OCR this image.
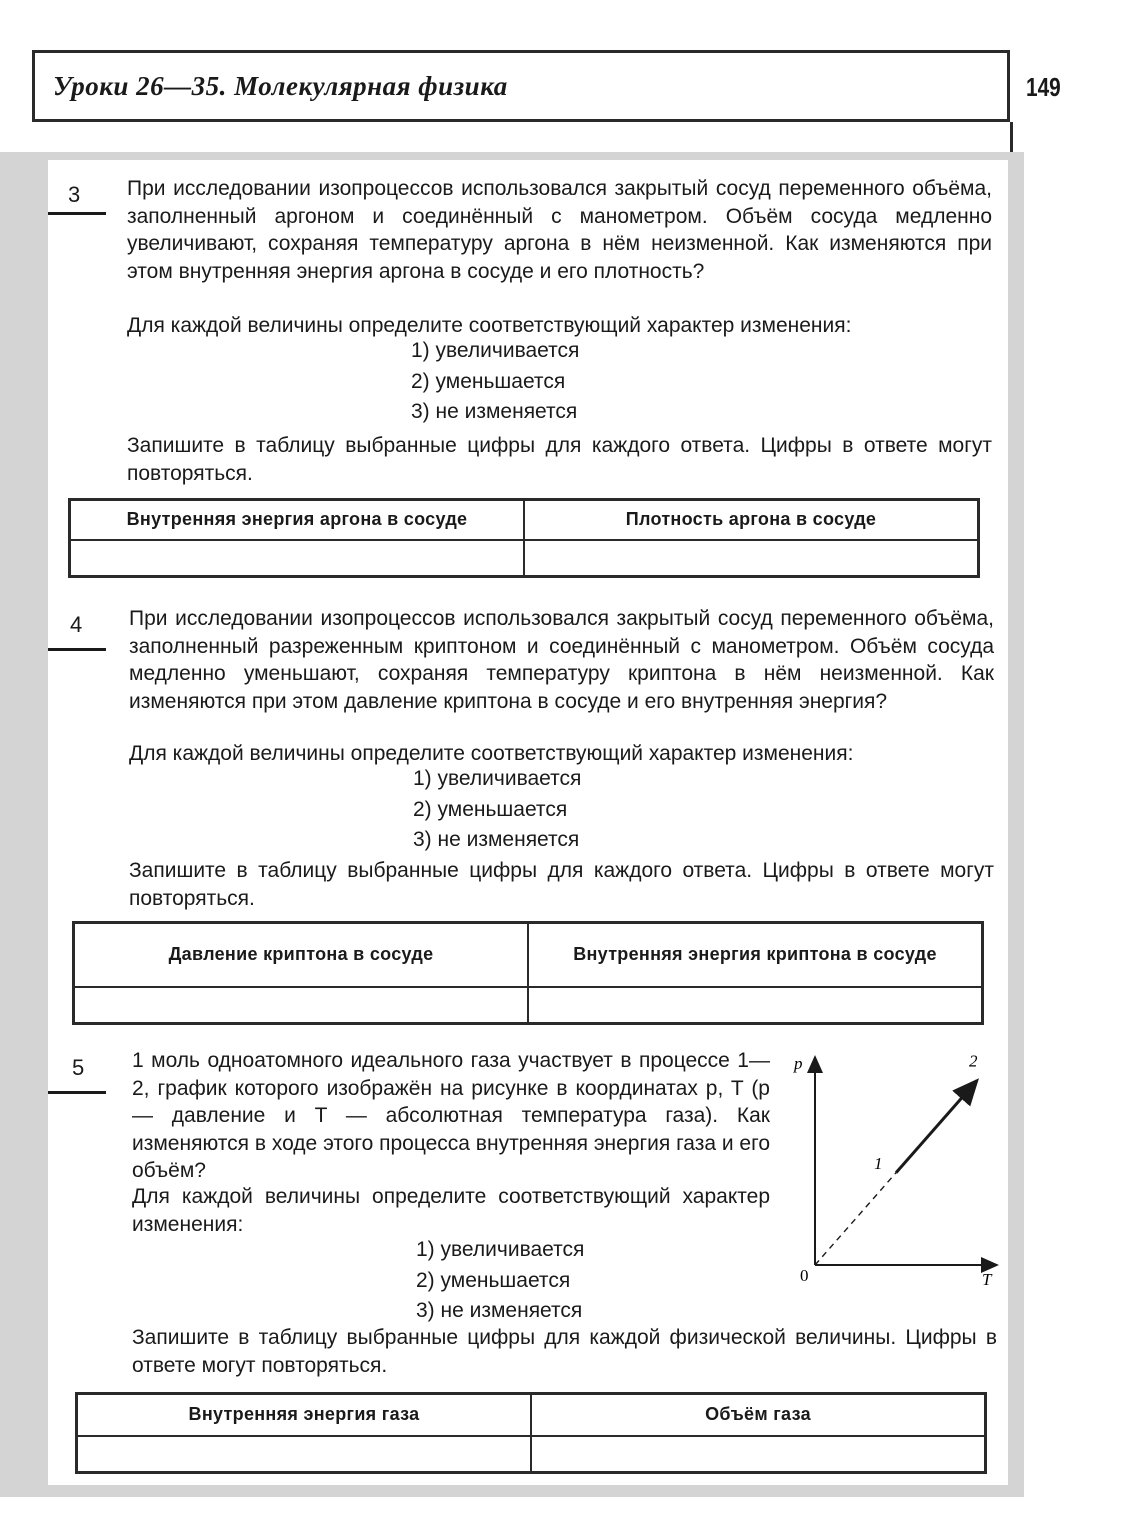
Уроки 26—35. Молекулярная физика	149
3 При исследовании изопроцессов использовался закрытый сосуд переменного объёма, заполненный аргоном и соединённый с манометром. Объём сосуда медленно увеличивают, сохраняя температуру аргона в нём неизменной. Как изменяются при этом внутренняя энергия аргона в сосуде и его плотность?
Для каждой величины определите соответствующий характер изменения:
1) увеличивается
2) уменьшается
3) не изменяется
Запишите в таблицу выбранные цифры для каждого ответа. Цифры в ответе могут повторяться.
Внутренняя энергия аргона в сосуде	Плотность аргона в сосуде

4 При исследовании изопроцессов использовался закрытый сосуд переменного объёма, заполненный разреженным криптоном и соединённый с манометром. Объём сосуда медленно уменьшают, сохраняя температуру криптона в нём неизменной. Как изменяются при этом давление криптона в сосуде и его внутренняя энергия?
Для каждой величины определите соответствующий характер изменения:
1) увеличивается
2) уменьшается
3) не изменяется
Запишите в таблицу выбранные цифры для каждого ответа. Цифры в ответе могут повторяться.
Давление криптона в сосуде	Внутренняя энергия криптона в сосуде

5 1 моль одноатомного идеального газа участвует в процессе 1—2, график которого изображён на рисунке в координатах p, T (p — давление и T — абсолютная температура газа). Как изменяются в ходе этого процесса внутренняя энергия газа и его объём?
Для каждой величины определите соответствующий характер изменения:
1) увеличивается
2) уменьшается
3) не изменяется
Запишите в таблицу выбранные цифры для каждой физической величины. Цифры в ответе могут повторяться.
Внутренняя энергия газа	Объём газа

p
T
0
1
2
